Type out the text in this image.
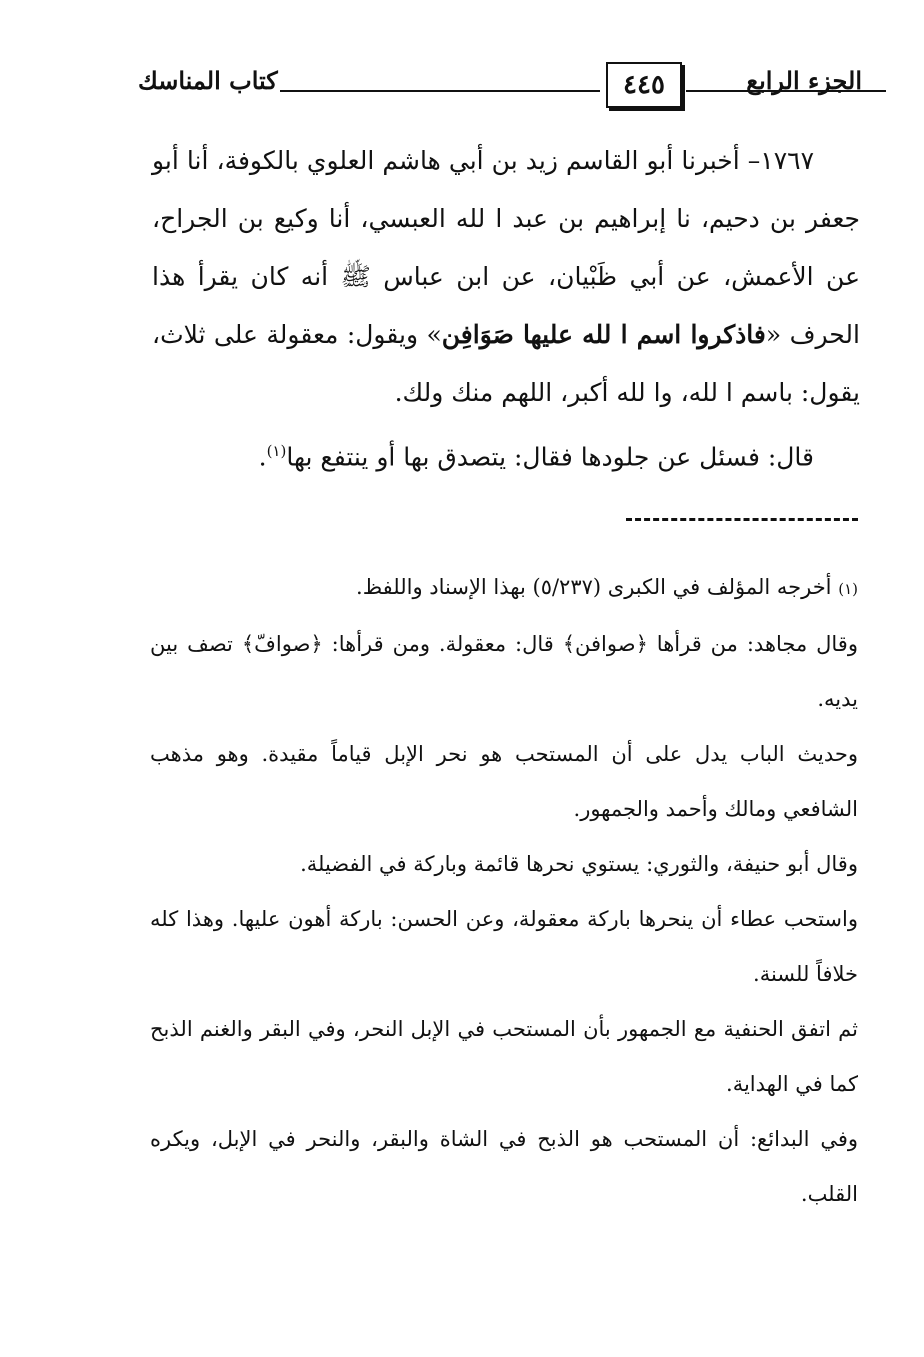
كتاب المناسك	٤٤٥	الجزء الرابع

١٧٦٧– أخبرنا أبو القاسم زيد بن أبي هاشم العلوي بالكوفة، أنا أبو جعفر بن دحيم، نا إبراهيم بن عبد ا لله العبسي، أنا وكيع بن الجراح، عن الأعمش، عن أبي ظَبْيان، عن ابن عباس ﷺ أنه كان يقرأ هذا الحرف «فاذكروا اسم ا لله عليها صَوَافِن» ويقول: معقولة على ثلاث، يقول: باسم ا لله، وا لله أكبر، اللهم منك ولك.

قال: فسئل عن جلودها فقال: يتصدق بها أو ينتفع بها$^{(١)}$.

(١) أخرجه المؤلف في الكبرى (٥/٢٣٧) بهذا الإسناد واللفظ.

وقال مجاهد: من قرأها ﴿صوافن﴾ قال: معقولة. ومن قرأها: ﴿صوافّ﴾ تصف بين يديه.

وحديث الباب يدل على أن المستحب هو نحر الإبل قياماً مقيدة. وهو مذهب الشافعي ومالك وأحمد والجمهور.

وقال أبو حنيفة، والثوري: يستوي نحرها قائمة وباركة في الفضيلة.

واستحب عطاء أن ينحرها باركة معقولة، وعن الحسن: باركة أهون عليها. وهذا كله خلافاً للسنة.

ثم اتفق الحنفية مع الجمهور بأن المستحب في الإبل النحر، وفي البقر والغنم الذبح كما في الهداية.

وفي البدائع: أن المستحب هو الذبح في الشاة والبقر، والنحر في الإبل، ويكره القلب.
